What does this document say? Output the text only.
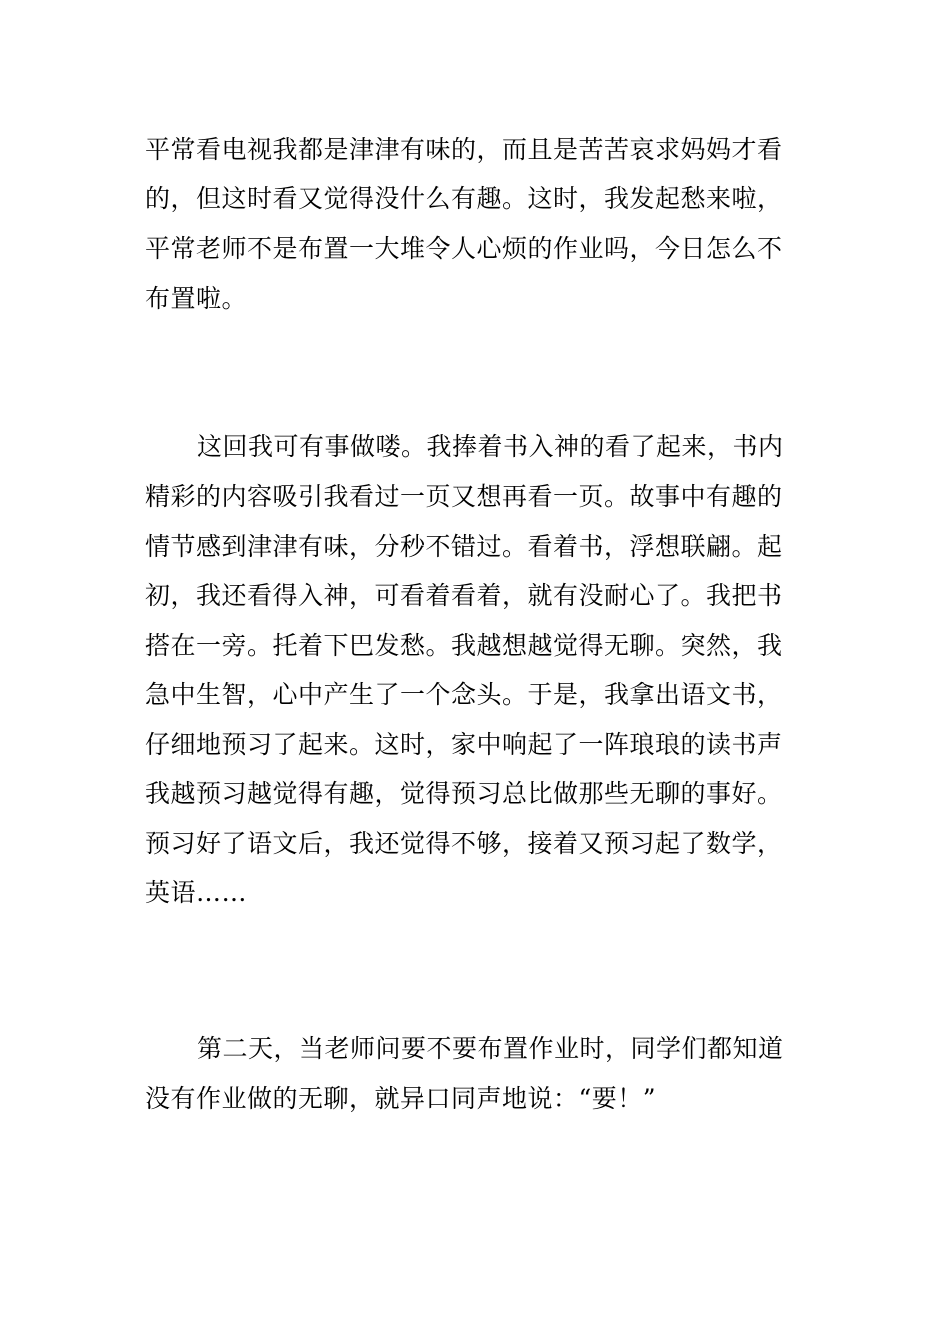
平常看电视我都是津津有味的，而且是苦苦哀求妈妈才看
的，但这时看又觉得没什么有趣。这时，我发起愁来啦，
平常老师不是布置一大堆令人心烦的作业吗，今日怎么不
布置啦。
这回我可有事做喽。我捧着书入神的看了起来，书内
精彩的内容吸引我看过一页又想再看一页。故事中有趣的
情节感到津津有味，分秒不错过。看着书，浮想联翩。起
初，我还看得入神，可看着看着，就有没耐心了。我把书
搭在一旁。托着下巴发愁。我越想越觉得无聊。突然，我
急中生智，心中产生了一个念头。于是，我拿出语文书，
仔细地预习了起来。这时，家中响起了一阵琅琅的读书声
我越预习越觉得有趣，觉得预习总比做那些无聊的事好。
预习好了语文后，我还觉得不够，接着又预习起了数学，
英语……
第二天，当老师问要不要布置作业时，同学们都知道
没有作业做的无聊，就异口同声地说：“要！”
